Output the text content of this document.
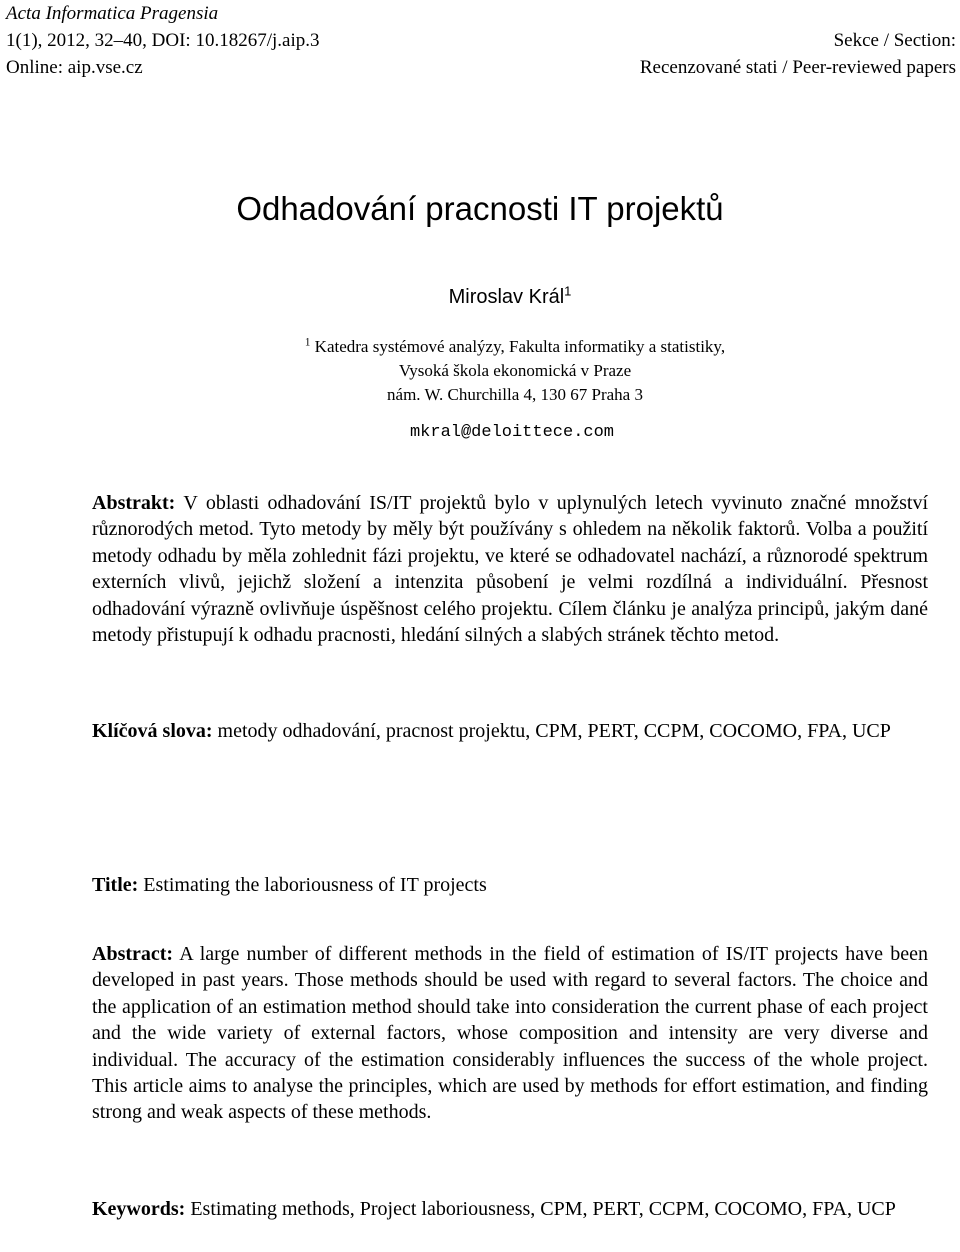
Acta Informatica Pragensia
1(1), 2012, 32–40, DOI: 10.18267/j.aip.3
Online: aip.vse.cz
Sekce / Section:
Recenzované stati / Peer-reviewed papers
Odhadování pracnosti IT projektů
Miroslav Král$^1$
$^1$ Katedra systémové analýzy, Fakulta informatiky a statistiky,
Vysoká škola ekonomická v Praze
nám. W. Churchilla 4, 130 67 Praha 3
mkral@deloittece.com
Abstrakt: V oblasti odhadování IS/IT projektů bylo v uplynulých letech vyvinuto značné množství různorodých metod. Tyto metody by měly být používány s ohledem na několik faktorů. Volba a použití metody odhadu by měla zohlednit fázi projektu, ve které se odhadovatel nachází, a různorodé spektrum externích vlivů, jejichž složení a intenzita působení je velmi rozdílná a individuální. Přesnost odhadování výrazně ovlivňuje úspěšnost celého projektu. Cílem článku je analýza principů, jakým dané metody přistupují k odhadu pracnosti, hledání silných a slabých stránek těchto metod.
Klíčová slova: metody odhadování, pracnost projektu, CPM, PERT, CCPM, COCOMO, FPA, UCP
Title: Estimating the laboriousness of IT projects
Abstract: A large number of different methods in the field of estimation of IS/IT projects have been developed in past years. Those methods should be used with regard to several factors. The choice and the application of an estimation method should take into consideration the current phase of each project and the wide variety of external factors, whose composition and intensity are very diverse and individual. The accuracy of the estimation considerably influences the success of the whole project. This article aims to analyse the principles, which are used by methods for effort estimation, and finding strong and weak aspects of these methods.
Keywords: Estimating methods, Project laboriousness, CPM, PERT, CCPM, COCOMO, FPA, UCP
